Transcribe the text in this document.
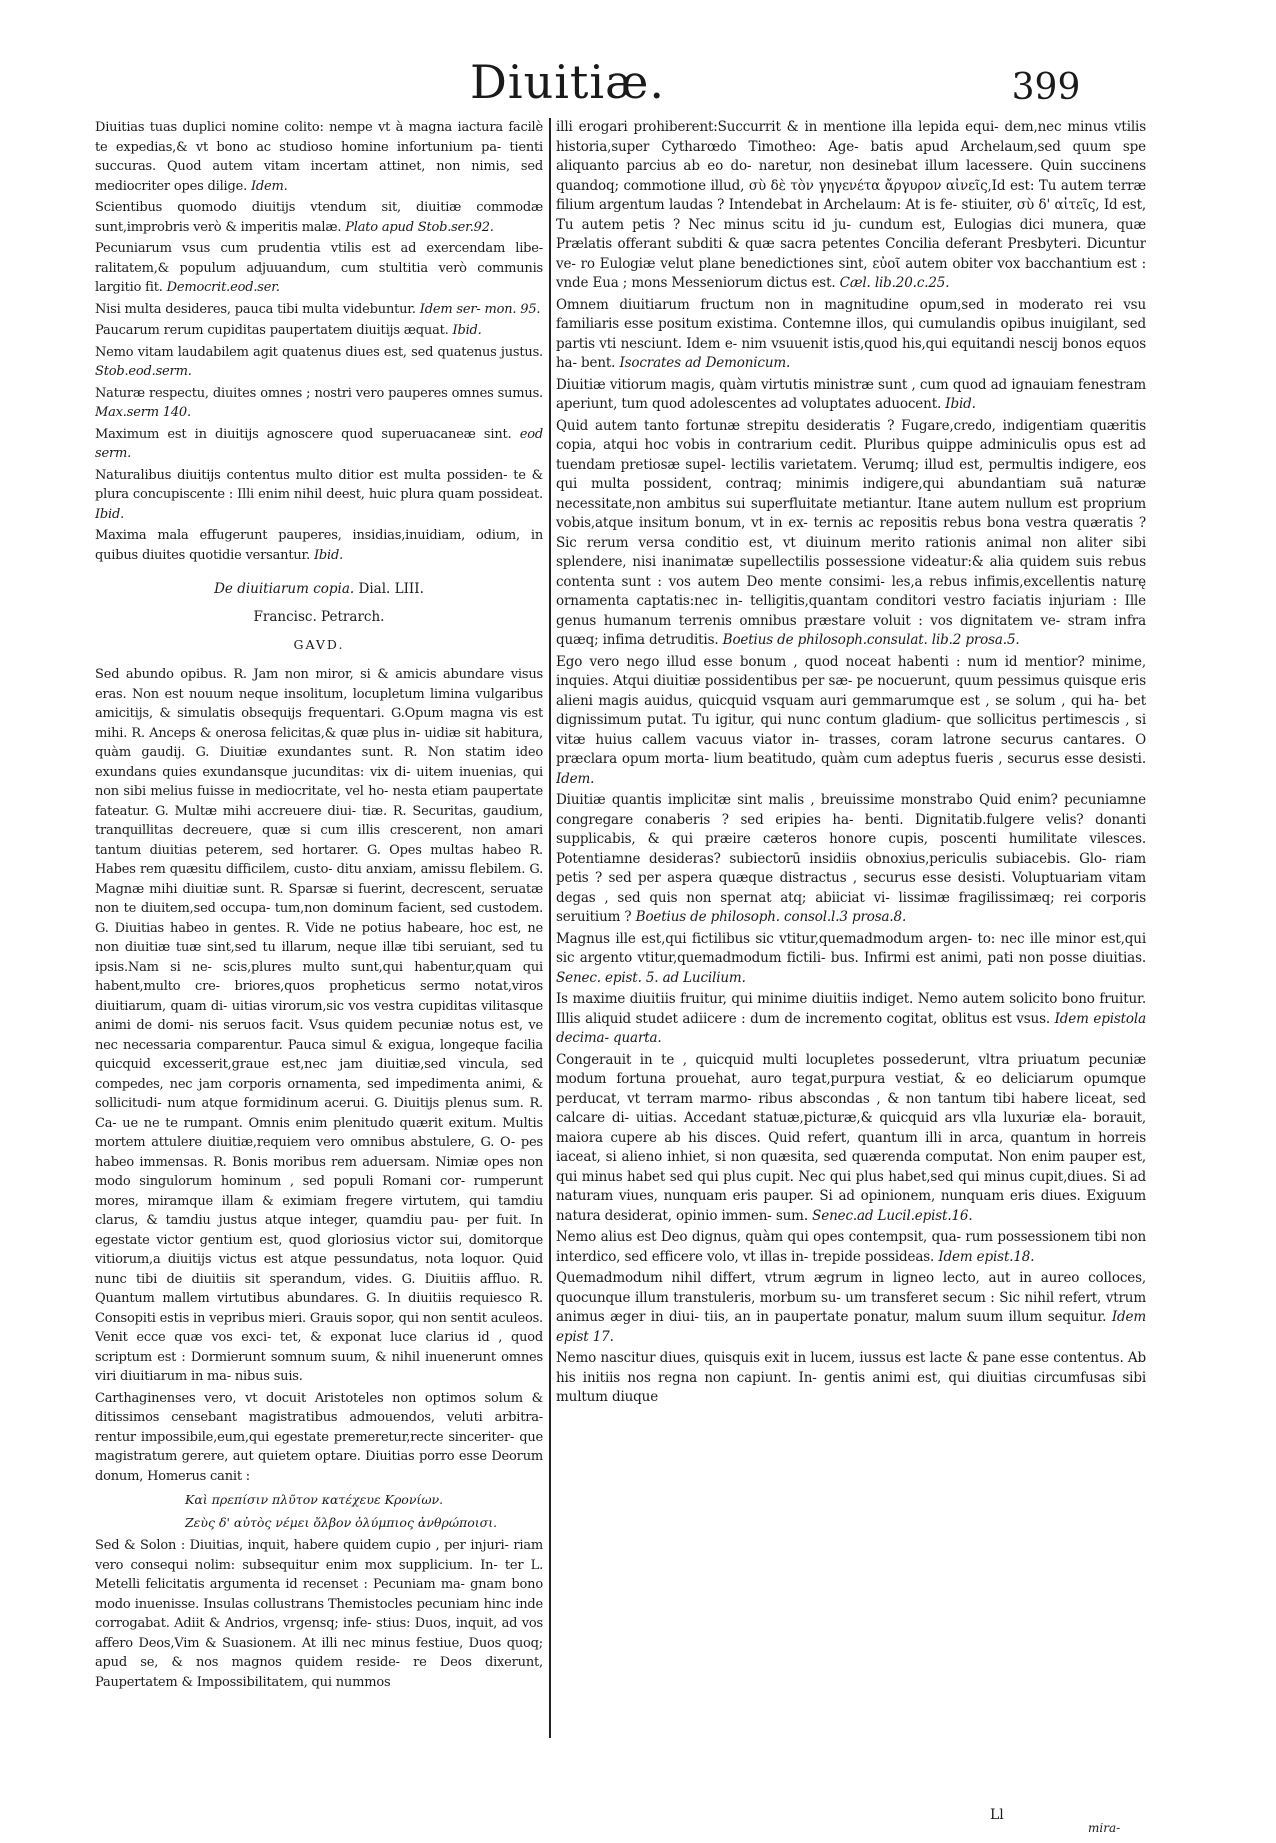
Diuitiæ.	399

Diuitias tuas duplici nomine colito: nempe vt à magna iactura facilè te expedias,& vt bono ac studioso homine infortunium pa- tienti succuras. Quod autem vitam incertam attinet, non nimis, sed mediocriter opes dilige. Idem.

Scientibus quomodo diuitijs vtendum sit, diuitiæ commodæ sunt,improbris verò & imperitis malæ. Plato apud Stob.ser.92.

Pecuniarum vsus cum prudentia vtilis est ad exercendam libe- ralitatem,& populum adjuuandum, cum stultitia verò communis largitio fit. Democrit.eod.ser.

Nisi multa desideres, pauca tibi multa videbuntur. Idem ser- mon. 95.

Paucarum rerum cupiditas paupertatem diuitijs æquat. Ibid.

Nemo vitam laudabilem agit quatenus diues est, sed quatenus justus. Stob.eod.serm.

Naturæ respectu, diuites omnes ; nostri vero pauperes omnes sumus. Max.serm 140.

Maximum est in diuitijs agnoscere quod superuacaneæ sint. eod serm.

Naturalibus diuitijs contentus multo ditior est multa possiden- te & plura concupiscente : Illi enim nihil deest, huic plura quam possideat. Ibid.

Maxima mala effugerunt pauperes, insidias,inuidiam, odium, in quibus diuites quotidie versantur. Ibid.

De diuitiarum copia. Dial. LIII.
Francisc. Petrarch.
GAVD.

Sed abundo opibus. R. Jam non miror, si & amicis abundare visus eras. Non est nouum neque insolitum, locupletum limina vulgaribus amicitijs, & simulatis obsequijs frequentari. G.Opum magna vis est mihi. R. Anceps & onerosa felicitas,& quæ plus in- uidiæ sit habitura, quàm gaudij. G. Diuitiæ exundantes sunt. R. Non statim ideo exundans quies exundansque jucunditas: vix di- uitem inuenias, qui non sibi melius fuisse in mediocritate, vel ho- nesta etiam paupertate fateatur. G. Multæ mihi accreuere diui- tiæ. R. Securitas, gaudium, tranquillitas decreuere, quæ si cum illis crescerent, non amari tantum diuitias peterem, sed hortarer. G. Opes multas habeo R. Habes rem quæsitu difficilem, custo- ditu anxiam, amissu flebilem. G. Magnæ mihi diuitiæ sunt. R. Sparsæ si fuerint, decrescent, seruatæ non te diuitem,sed occupa- tum,non dominum facient, sed custodem. G. Diuitias habeo in gentes. R. Vide ne potius habeare, hoc est, ne non diuitiæ tuæ sint,sed tu illarum, neque illæ tibi seruiant, sed tu ipsis.Nam si ne- scis,plures multo sunt,qui habentur,quam qui habent,multo cre- briores,quos propheticus sermo notat,viros diuitiarum, quam di- uitias virorum,sic vos vestra cupiditas vilitasque animi de domi- nis seruos facit. Vsus quidem pecuniæ notus est, ve nec necessaria comparentur. Pauca simul & exigua, longeque facilia quicquid excesserit,graue est,nec jam diuitiæ,sed vincula, sed compedes, nec jam corporis ornamenta, sed impedimenta animi, & sollicitudi- num atque formidinum acerui. G. Diuitijs plenus sum. R. Ca- ue ne te rumpant. Omnis enim plenitudo quærit exitum. Multis mortem attulere diuitiæ,requiem vero omnibus abstulere, G. O- pes habeo immensas. R. Bonis moribus rem aduersam. Nimiæ opes non modo singulorum hominum , sed populi Romani cor- rumperunt mores, miramque illam & eximiam fregere virtutem, qui tamdiu clarus, & tamdiu justus atque integer, quamdiu pau- per fuit. In egestate victor gentium est, quod gloriosius victor sui, domitorque vitiorum,a diuitijs victus est atque pessundatus, nota loquor. Quid nunc tibi de diuitiis sit sperandum, vides. G. Diuitiis affluo. R. Quantum mallem virtutibus abundares. G. In diuitiis requiesco R. Consopiti estis in vepribus mieri. Grauis sopor, qui non sentit aculeos. Venit ecce quæ vos exci- tet, & exponat luce clarius id , quod scriptum est : Dormierunt somnum suum, & nihil inuenerunt omnes viri diuitiarum in ma- nibus suis.

Carthaginenses vero, vt docuit Aristoteles non optimos solum & ditissimos censebant magistratibus admouendos, veluti arbitra- rentur impossibile,eum,qui egestate premeretur,recte sinceriter- que magistratum gerere, aut quietem optare. Diuitias porro esse Deorum donum, Homerus canit :

Καὶ πρεπίσιν πλῦτον κατέχευε Κρονίων.
Ζεὺς δ' αὐτὸς νέμει ὄλβον ὀλύμπιος ἀνθρώποισι.

Sed & Solon : Diuitias, inquit, habere quidem cupio , per injuri- riam vero consequi nolim: subsequitur enim mox supplicium. In- ter L. Metelli felicitatis argumenta id recenset : Pecuniam ma- gnam bono modo inuenisse. Insulas collustrans Themistocles pecuniam hinc inde corrogabat. Adiit & Andrios, vrgensq; infe- stius: Duos, inquit, ad vos affero Deos,Vim & Suasionem. At illi nec minus festiue, Duos quoq; apud se, & nos magnos quidem reside- re Deos dixerunt, Paupertatem & Impossibilitatem, qui nummos

illi erogari prohiberent:Succurrit & in mentione illa lepida equi- dem,nec minus vtilis historia,super Cytharœdo Timotheo: Age- batis apud Archelaum,sed quum spe aliquanto parcius ab eo do- naretur, non desinebat illum lacessere. Quin succinens quandoq; commotione illud, σὺ δὲ τὸν γηγενέτα ἄργυρον αἰνεῖς,Id est: Tu autem terræ filium argentum laudas ? Intendebat in Archelaum: At is fe- stiuiter, σὺ δ' αἰτεῖς, Id est, Tu autem petis ? Nec minus scitu id ju- cundum est, Eulogias dici munera, quæ Prælatis offerant subditi & quæ sacra petentes Concilia deferant Presbyteri. Dicuntur ve- ro Eulogiæ velut plane benedictiones sint, εὐοῖ autem obiter vox bacchantium est : vnde Eua ; mons Messeniorum dictus est. Cæl. lib.20.c.25.

Omnem diuitiarum fructum non in magnitudine opum,sed in moderato rei vsu familiaris esse positum existima. Contemne illos, qui cumulandis opibus inuigilant, sed partis vti nesciunt. Idem e- nim vsuuenit istis,quod his,qui equitandi nescij bonos equos ha- bent. Isocrates ad Demonicum.

Diuitiæ vitiorum magis, quàm virtutis ministræ sunt , cum quod ad ignauiam fenestram aperiunt, tum quod adolescentes ad voluptates aduocent. Ibid.

Quid autem tanto fortunæ strepitu desideratis ? Fugare,credo, indigentiam quæritis copia, atqui hoc vobis in contrarium cedit. Pluribus quippe adminiculis opus est ad tuendam pretiosæ supel- lectilis varietatem. Verumq; illud est, permultis indigere, eos qui multa possident, contraq; minimis indigere,qui abundantiam suā naturæ necessitate,non ambitus sui superfluitate metiantur. Itane autem nullum est proprium vobis,atque insitum bonum, vt in ex- ternis ac repositis rebus bona vestra quæratis ? Sic rerum versa conditio est, vt diuinum merito rationis animal non aliter sibi splendere, nisi inanimatæ supellectilis possessione videatur:& alia quidem suis rebus contenta sunt : vos autem Deo mente consimi- les,a rebus infimis,excellentis naturę ornamenta captatis:nec in- telligitis,quantam conditori vestro faciatis injuriam : Ille genus humanum terrenis omnibus præstare voluit : vos dignitatem ve- stram infra quæq; infima detruditis. Boetius de philosoph.consulat. lib.2 prosa.5.

Ego vero nego illud esse bonum , quod noceat habenti : num id mentior? minime, inquies. Atqui diuitiæ possidentibus per sæ- pe nocuerunt, quum pessimus quisque eris alieni magis auidus, quicquid vsquam auri gemmarumque est , se solum , qui ha- bet dignissimum putat. Tu igitur, qui nunc contum gladium- que sollicitus pertimescis , si vitæ huius callem vacuus viator in- trasses, coram latrone securus cantares. O præclara opum morta- lium beatitudo, quàm cum adeptus fueris , securus esse desisti. Idem.

Diuitiæ quantis implicitæ sint malis , breuissime monstrabo Quid enim? pecuniamne congregare conaberis ? sed eripies ha- benti. Dignitatib.fulgere velis? donanti supplicabis, & qui præire cæteros honore cupis, poscenti humilitate vilesces. Potentiamne desideras? subiectorū insidiis obnoxius,periculis subiacebis. Glo- riam petis ? sed per aspera quæque distractus , securus esse desisti. Voluptuariam vitam degas , sed quis non spernat atq; abiiciat vi- lissimæ fragilissimæq; rei corporis seruitium ? Boetius de philosoph. consol.l.3 prosa.8.

Magnus ille est,qui fictilibus sic vtitur,quemadmodum argen- to: nec ille minor est,qui sic argento vtitur,quemadmodum fictili- bus. Infirmi est animi, pati non posse diuitias. Senec. epist. 5. ad Lucilium.

Is maxime diuitiis fruitur, qui minime diuitiis indiget. Nemo autem solicito bono fruitur. Illis aliquid studet adiicere : dum de incremento cogitat, oblitus est vsus. Idem epistola decima- quarta.

Congerauit in te , quicquid multi locupletes possederunt, vltra priuatum pecuniæ modum fortuna prouehat, auro tegat,purpura vestiat, & eo deliciarum opumque perducat, vt terram marmo- ribus abscondas , & non tantum tibi habere liceat, sed calcare di- uitias. Accedant statuæ,picturæ,& quicquid ars vlla luxuriæ ela- borauit, maiora cupere ab his disces. Quid refert, quantum illi in arca, quantum in horreis iaceat, si alieno inhiet, si non quæsita, sed quærenda computat. Non enim pauper est, qui minus habet sed qui plus cupit. Nec qui plus habet,sed qui minus cupit,diues. Si ad naturam viues, nunquam eris pauper. Si ad opinionem, nunquam eris diues. Exiguum natura desiderat, opinio immen- sum. Senec.ad Lucil.epist.16.

Nemo alius est Deo dignus, quàm qui opes contempsit, qua- rum possessionem tibi non interdico, sed efficere volo, vt illas in- trepide possideas. Idem epist.18.

Quemadmodum nihil differt, vtrum ægrum in ligneo lecto, aut in aureo colloces, quocunque illum transtuleris, morbum su- um transferet secum : Sic nihil refert, vtrum animus æger in diui- tiis, an in paupertate ponatur, malum suum illum sequitur. Idem epist 17.

Nemo nascitur diues, quisquis exit in lucem, iussus est lacte & pane esse contentus. Ab his initiis nos regna non capiunt. In- gentis animi est, qui diuitias circumfusas sibi multum diuque

Ll
mira-
